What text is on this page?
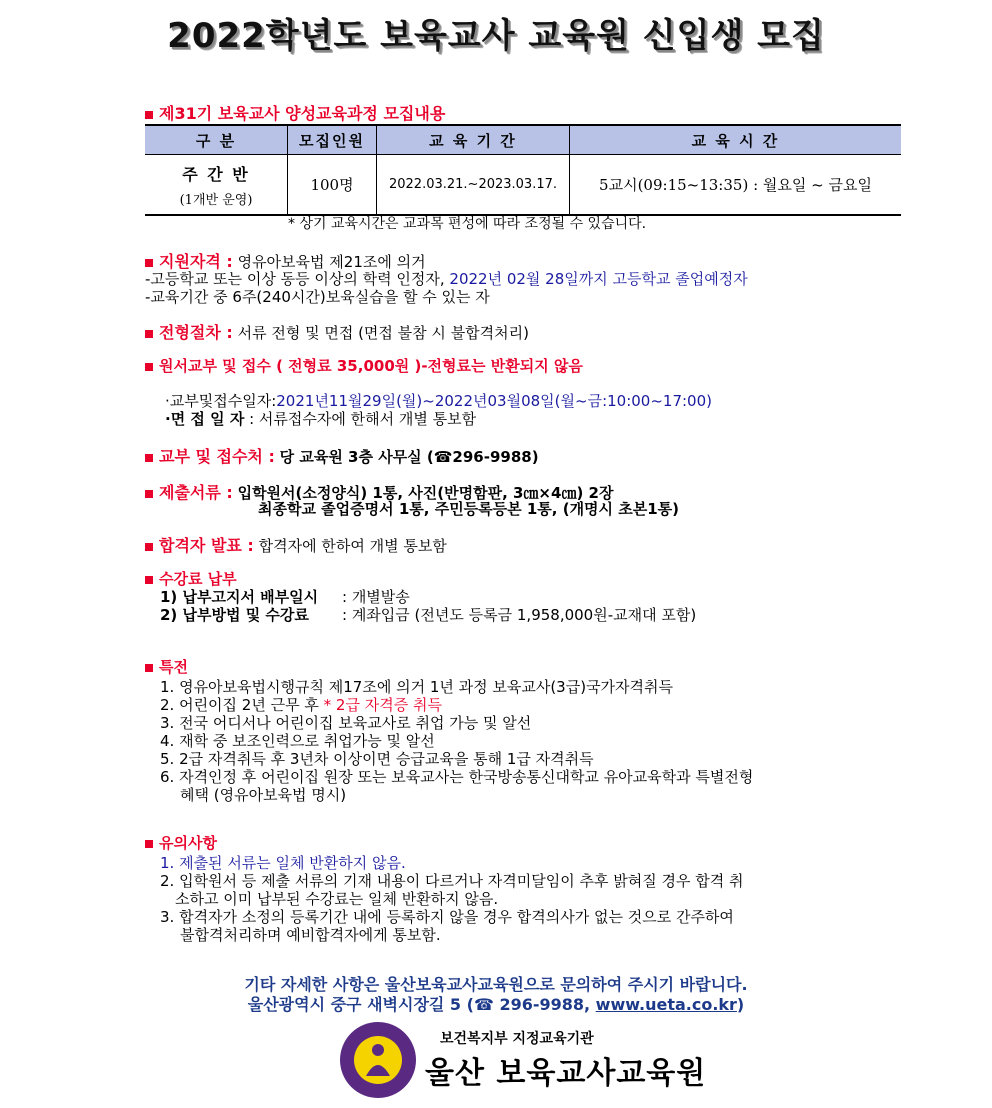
2022학년도 보육교사 교육원 신입생 모집
제31기 보육교사 양성교육과정 모집내용
구 분	모집인원	교 육 기 간	교 육 시 간

주 간 반
(1개반 운영)	100명	2022.03.21.~2023.03.17.	5교시(09:15~13:35) : 월요일 ~ 금요일
* 상기 교육시간은 교과목 편성에 따라 조정될 수 있습니다.
지원자격 : 영유아보육법 제21조에 의거
-고등학교 또는 이상 동등 이상의 학력 인정자, 2022년 02월 28일까지 고등학교 졸업예정자
-교육기간 중 6주(240시간)보육실습을 할 수 있는 자
전형절차 : 서류 전형 및 면접 (면접 불참 시 불합격처리)
원서교부 및 접수 ( 전형료 35,000원 )-전형료는 반환되지 않음
·교부및접수일자:2021년11월29일(월)~2022년03월08일(월~금:10:00~17:00)
·면 접 일 자 : 서류접수자에 한해서 개별 통보함
교부 및 접수처 : 당 교육원 3층 사무실 (☎296-9988)
제출서류 : 입학원서(소정양식) 1통, 사진(반명함판, 3㎝×4㎝) 2장
최종학교 졸업증명서 1통, 주민등록등본 1통, (개명시 초본1통)
합격자 발표 : 합격자에 한하여 개별 통보함
수강료 납부
1) 납부고지서 배부일시 : 개별발송
2) 납부방법 및 수강료 : 계좌입금 (전년도 등록금 1,958,000원-교재대 포함)
특전
1. 영유아보육법시행규칙 제17조에 의거 1년 과정 보육교사(3급)국가자격취득
2. 어린이집 2년 근무 후 * 2급 자격증 취득
3. 전국 어디서나 어린이집 보육교사로 취업 가능 및 알선
4. 재학 중 보조인력으로 취업가능 및 알선
5. 2급 자격취득 후 3년차 이상이면 승급교육을 통해 1급 자격취득
6. 자격인정 후 어린이집 원장 또는 보육교사는 한국방송통신대학교 유아교육학과 특별전형
혜택 (영유아보육법 명시)
유의사항
1. 제출된 서류는 일체 반환하지 않음.
2. 입학원서 등 제출 서류의 기재 내용이 다르거나 자격미달임이 추후 밝혀질 경우 합격 취
소하고 이미 납부된 수강료는 일체 반환하지 않음.
3. 합격자가 소정의 등록기간 내에 등록하지 않을 경우 합격의사가 없는 것으로 간주하여
불합격처리하며 예비합격자에게 통보함.
기타 자세한 사항은 울산보육교사교육원으로 문의하여 주시기 바랍니다.
울산광역시 중구 새벽시장길 5 (☎ 296-9988, www.ueta.co.kr)
보건복지부 지정교육기관
울산 보육교사교육원
